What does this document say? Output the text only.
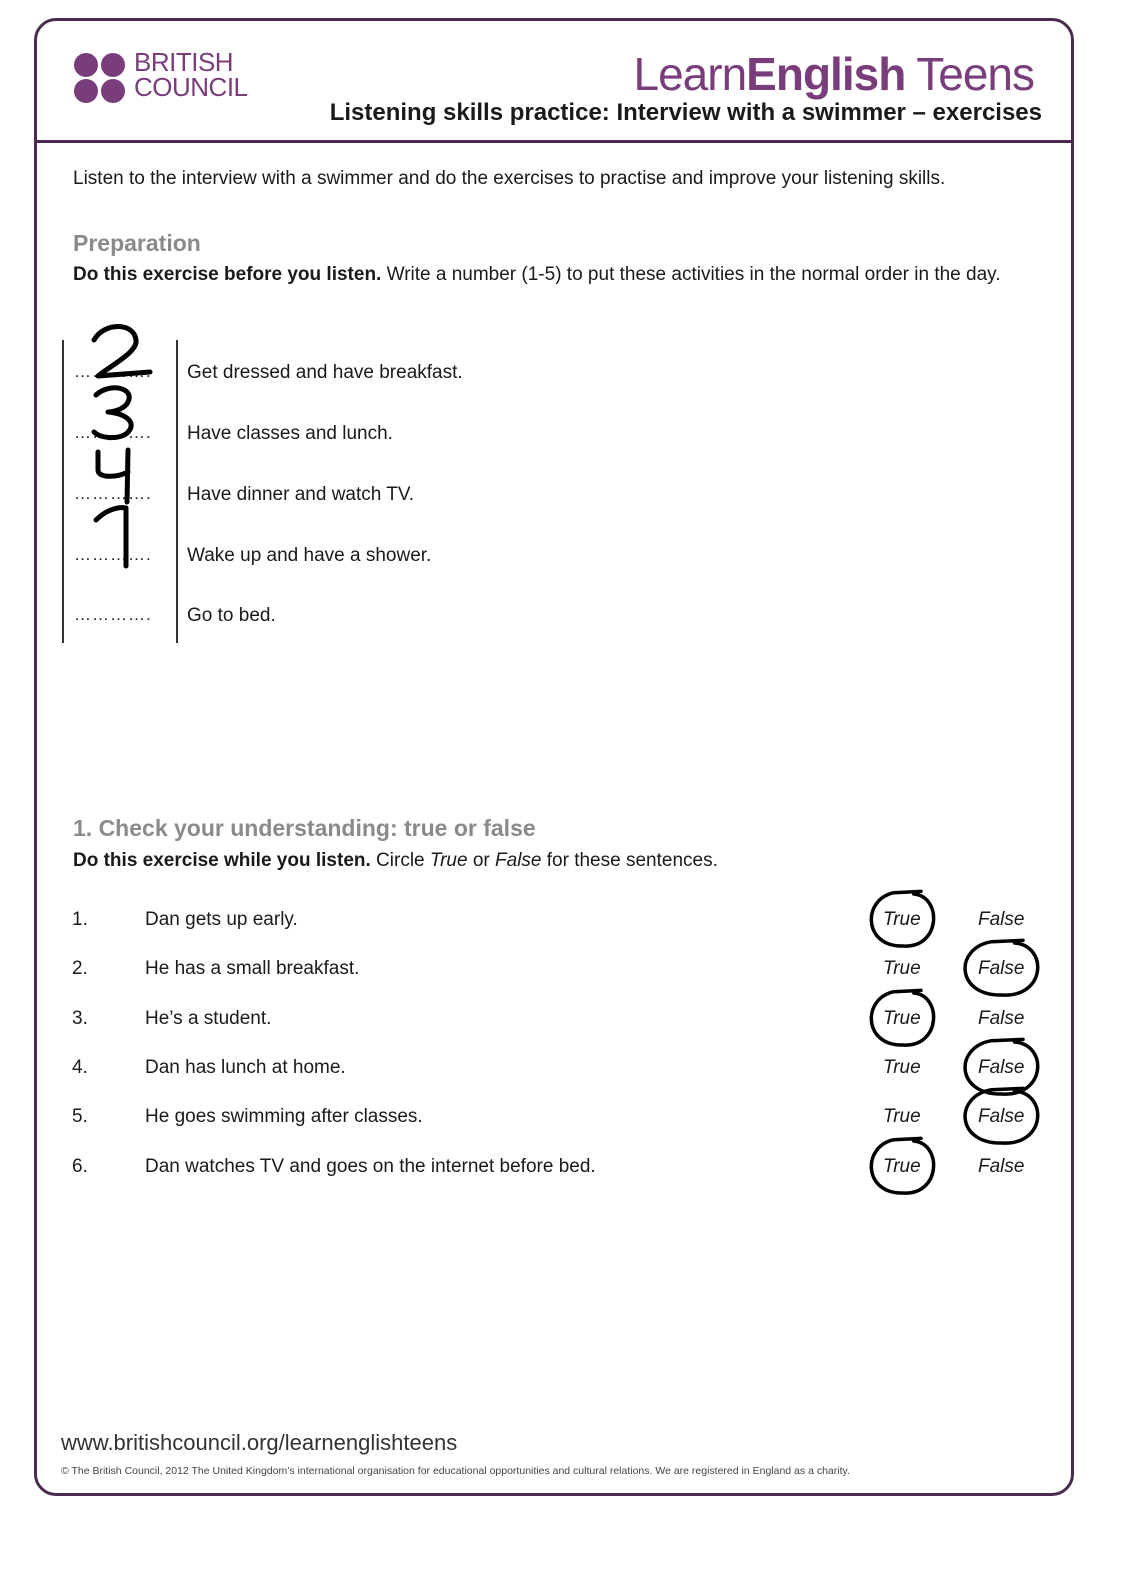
BRITISH
COUNCIL	LearnEnglish Teens
Listening skills practice: Interview with a swimmer – exercises
Listen to the interview with a swimmer and do the exercises to practise and improve your listening skills.
Preparation
Do this exercise before you listen. Write a number (1-5) to put these activities in the normal order in the day.
…………. Get dressed and have breakfast.
…………. Have classes and lunch.
…………. Have dinner and watch TV.
…………. Wake up and have a shower.
…………. Go to bed.
1. Check your understanding: true or false
Do this exercise while you listen. Circle True or False for these sentences.
1.	Dan gets up early.	True	False
2.	He has a small breakfast.	True	False
3.	He’s a student.	True	False
4.	Dan has lunch at home.	True	False
5.	He goes swimming after classes.	True	False
6.	Dan watches TV and goes on the internet before bed.	True	False
www.britishcouncil.org/learnenglishteens
© The British Council, 2012 The United Kingdom’s international organisation for educational opportunities and cultural relations. We are registered in England as a charity.
